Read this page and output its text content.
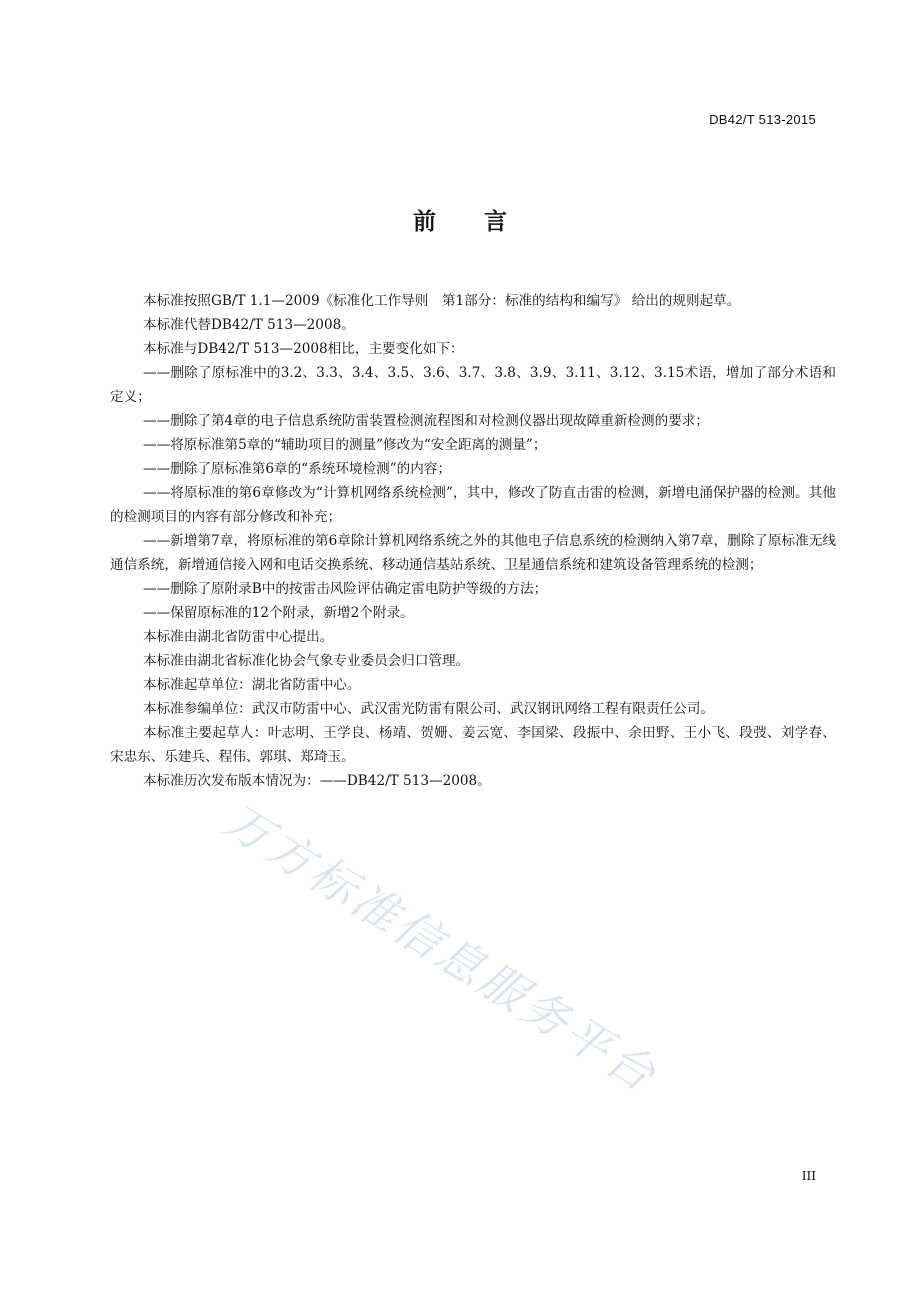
DB42/T 513-2015
前 言

本标准按照GB/T 1.1—2009《标准化工作导则　第1部分：标准的结构和编写》 给出的规则起草。

本标准代替DB42/T 513—2008。

本标准与DB42/T 513—2008相比，主要变化如下：

——删除了原标准中的3.2、3.3、3.4、3.5、3.6、3.7、3.8、3.9、3.11、3.12、3.15术语，增加了部分术语和定义；

——删除了第4章的电子信息系统防雷装置检测流程图和对检测仪器出现故障重新检测的要求；

——将原标准第5章的“辅助项目的测量”修改为“安全距离的测量”；

——删除了原标准第6章的“系统环境检测”的内容；

——将原标准的第6章修改为“计算机网络系统检测”，其中，修改了防直击雷的检测，新增电涌保护器的检测。其他的检测项目的内容有部分修改和补充；

——新增第7章，将原标准的第6章除计算机网络系统之外的其他电子信息系统的检测纳入第7章，删除了原标准无线通信系统，新增通信接入网和电话交换系统、移动通信基站系统、卫星通信系统和建筑设备管理系统的检测；

——删除了原附录B中的按雷击风险评估确定雷电防护等级的方法；

——保留原标准的12个附录，新增2个附录。

本标准由湖北省防雷中心提出。

本标准由湖北省标准化协会气象专业委员会归口管理。

本标准起草单位：湖北省防雷中心。

本标准参编单位：武汉市防雷中心、武汉雷光防雷有限公司、武汉钢讯网络工程有限责任公司。

本标准主要起草人：叶志明、王学良、杨靖、贺姗、姜云宽、李国梁、段振中、余田野、王小飞、段弢、刘学春、宋忠东、乐建兵、程伟、郭琪、郑琦玉。

本标准历次发布版本情况为：——DB42/T 513—2008。

万方标准信息服务平台
III
